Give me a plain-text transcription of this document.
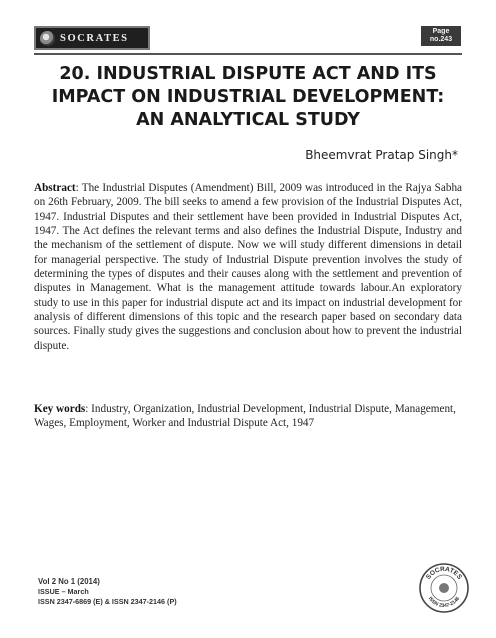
SOCRATES
Page
no.243
20. INDUSTRIAL DISPUTE ACT AND ITS IMPACT ON INDUSTRIAL DEVELOPMENT: AN ANALYTICAL STUDY
Bheemvrat Pratap Singh*

Abstract: The Industrial Disputes (Amendment) Bill, 2009 was introduced in the Rajya Sabha on 26th February, 2009. The bill seeks to amend a few provision of the Industrial Disputes Act, 1947. Industrial Disputes and their settlement have been provided in Industrial Disputes Act, 1947. The Act defines the relevant terms and also defines the Industrial Dispute, Industry and the mechanism of the settlement of dispute. Now we will study different dimensions in detail for managerial perspective. The study of Industrial Dispute prevention involves the study of determining the types of disputes and their causes along with the settlement and prevention of disputes in Management. What is the management attitude towards labour.An exploratory study to use in this paper for industrial dispute act and its impact on industrial development for analysis of different dimensions of this topic and the research paper based on secondary data sources. Finally study gives the suggestions and conclusion about how to prevent the industrial dispute.

Key words: Industry, Organization, Industrial Development, Industrial Dispute, Management, Wages, Employment, Worker and Industrial Dispute Act, 1947

Vol 2 No 1 (2014)
ISSUE – March
ISSN 2347-6869 (E) & ISSN 2347-2146 (P)
SOCRATES
ISSN 2347-2146
